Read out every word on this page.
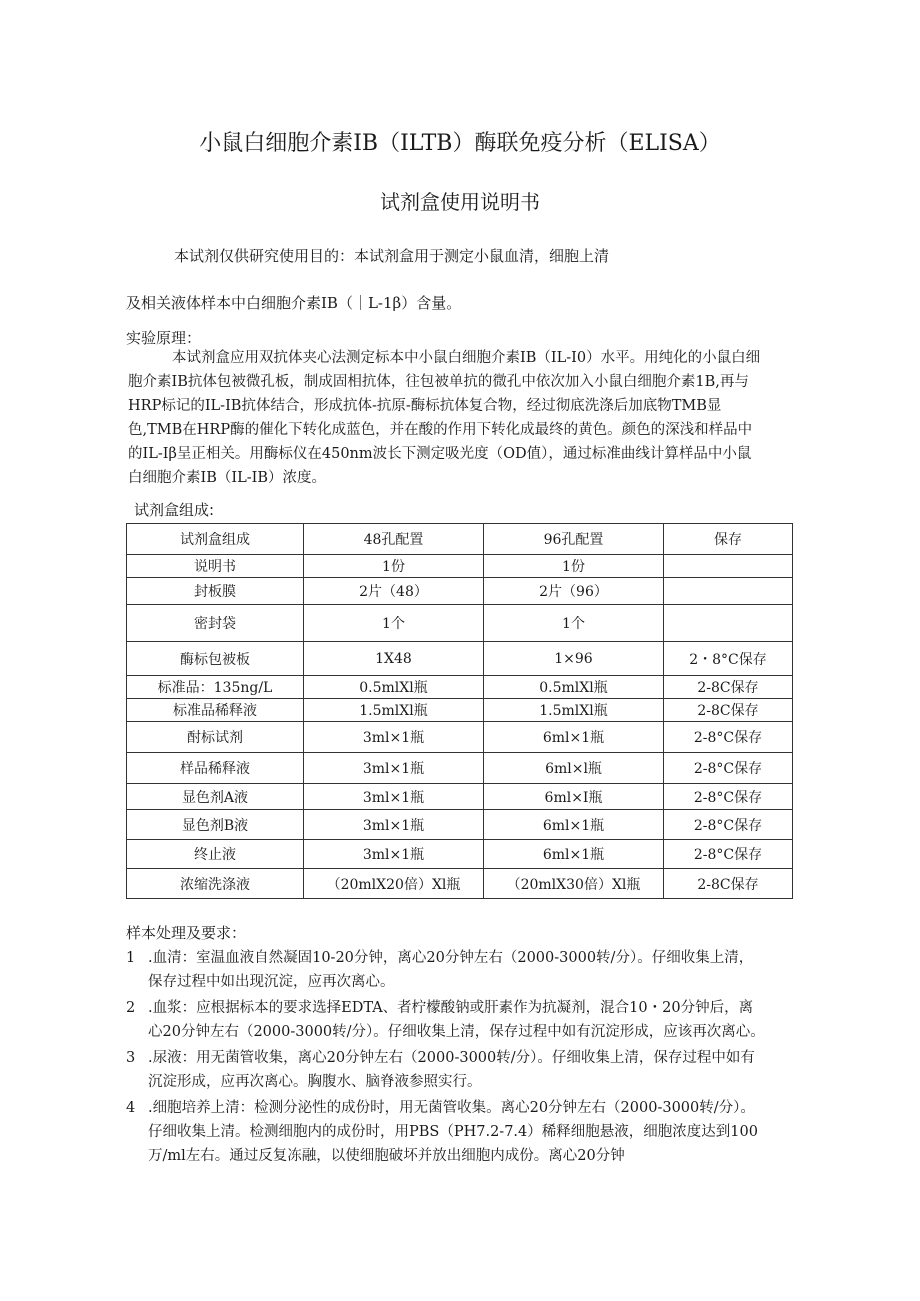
小鼠白细胞介素IB（ILTB）酶联免疫分析（ELISA）
试剂盒使用说明书
本试剂仅供研究使用目的：本试剂盒用于测定小鼠血清，细胞上清
及相关液体样本中白细胞介素IB（｜L-1β）含量。
实验原理：

本试剂盒应用双抗体夹心法测定标本中小鼠白细胞介素IB（IL-I0）水平。用纯化的小鼠白细

胞介素IB抗体包被微孔板，制成固相抗体，往包被单抗的微孔中依次加入小鼠白细胞介素1B,再与

HRP标记的IL-IB抗体结合，形成抗体-抗原-酶标抗体复合物，经过彻底洗涤后加底物TMB显

色,TMB在HRP酶的催化下转化成蓝色，并在酸的作用下转化成最终的黄色。颜色的深浅和样品中

的IL-Iβ呈正相关。用酶标仪在450nm波长下测定吸光度（OD值），通过标准曲线计算样品中小鼠

白细胞介素IB（IL-IB）浓度。

试剂盒组成:
试剂盒组成	48孔配置	96孔配置	保存
说明书	1份	1份	
封板膜	2片（48）	2片（96）	
密封袋	1个	1个	
酶标包被板	1X48	1×96	2・8°C保存
标准品：135ng/L	0.5mlXl瓶	0.5mlXl瓶	2-8C保存
标准品稀释液	1.5mlXl瓶	1.5mlXl瓶	2-8C保存
酎标试剂	3ml×1瓶	6ml×1瓶	2-8°C保存
样品稀释液	3ml×1瓶	6ml×l瓶	2-8°C保存
显色剂A液	3ml×1瓶	6ml×I瓶	2-8°C保存
显色剂B液	3ml×1瓶	6ml×1瓶	2-8°C保存
终止液	3ml×1瓶	6ml×1瓶	2-8°C保存
浓缩洗涤液	（20mlX20倍）Xl瓶	（20mlX30倍）Xl瓶	2-8C保存
样本处理及要求：
1 .血清：室温血液自然凝固10-20分钟，离心20分钟左右（2000-3000转/分）。仔细收集上清，
保存过程中如出现沉淀，应再次离心。
2 .血浆：应根据标本的要求选择EDTA、者柠檬酸钠或肝素作为抗凝剂，混合10・20分钟后，离
心20分钟左右（2000-3000转/分）。仔细收集上清，保存过程中如有沉淀形成，应该再次离心。
3 .尿液：用无菌管收集，离心20分钟左右（2000-3000转/分）。仔细收集上清，保存过程中如有
沉淀形成，应再次离心。胸腹水、脑脊液参照实行。
4 .细胞培养上清：检测分泌性的成份时，用无菌管收集。离心20分钟左右（2000-3000转/分）。
仔细收集上清。检测细胞内的成份时，用PBS（PH7.2-7.4）稀释细胞悬液，细胞浓度达到100
万/ml左右。通过反复冻融，以使细胞破坏并放出细胞内成份。离心20分钟
